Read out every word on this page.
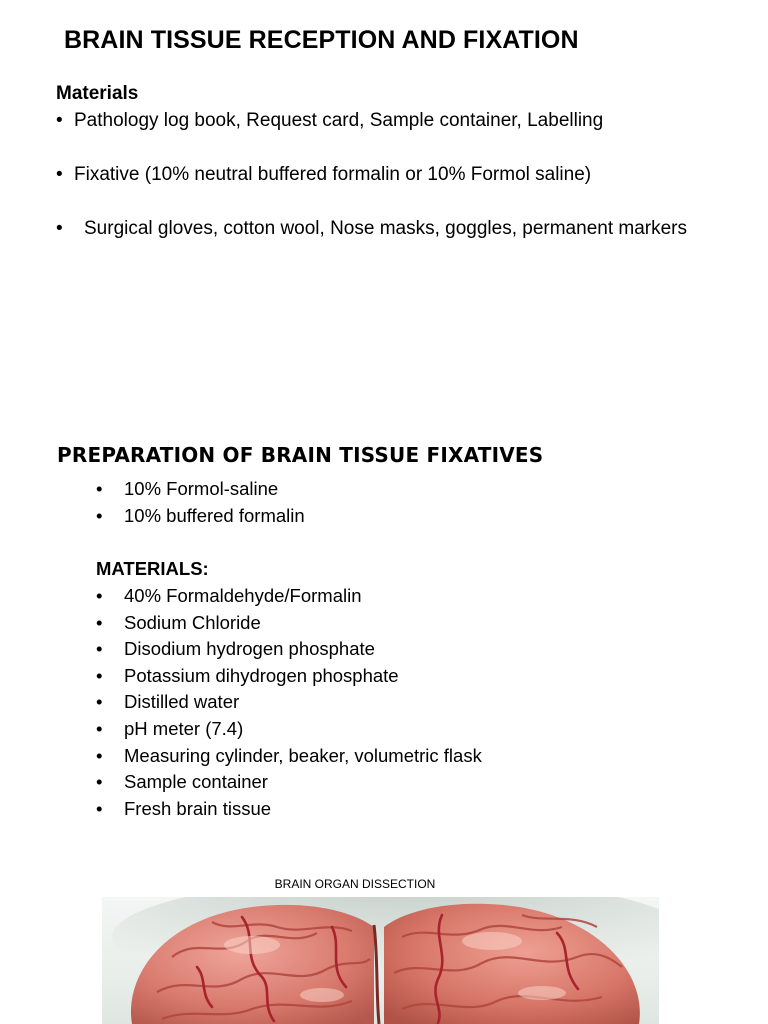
BRAIN TISSUE RECEPTION AND FIXATION
Materials
• Pathology log book, Request card, Sample container, Labelling
• Fixative (10% neutral buffered formalin or 10% Formol saline)
• Surgical gloves, cotton wool, Nose masks, goggles, permanent markers
PREPARATION OF BRAIN TISSUE FIXATIVES
• 10% Formol-saline
• 10% buffered formalin
MATERIALS:
• 40% Formaldehyde/Formalin
• Sodium Chloride
• Disodium hydrogen phosphate
• Potassium dihydrogen phosphate
• Distilled water
• pH meter (7.4)
• Measuring cylinder, beaker, volumetric flask
• Sample container
• Fresh brain tissue
BRAIN ORGAN DISSECTION
